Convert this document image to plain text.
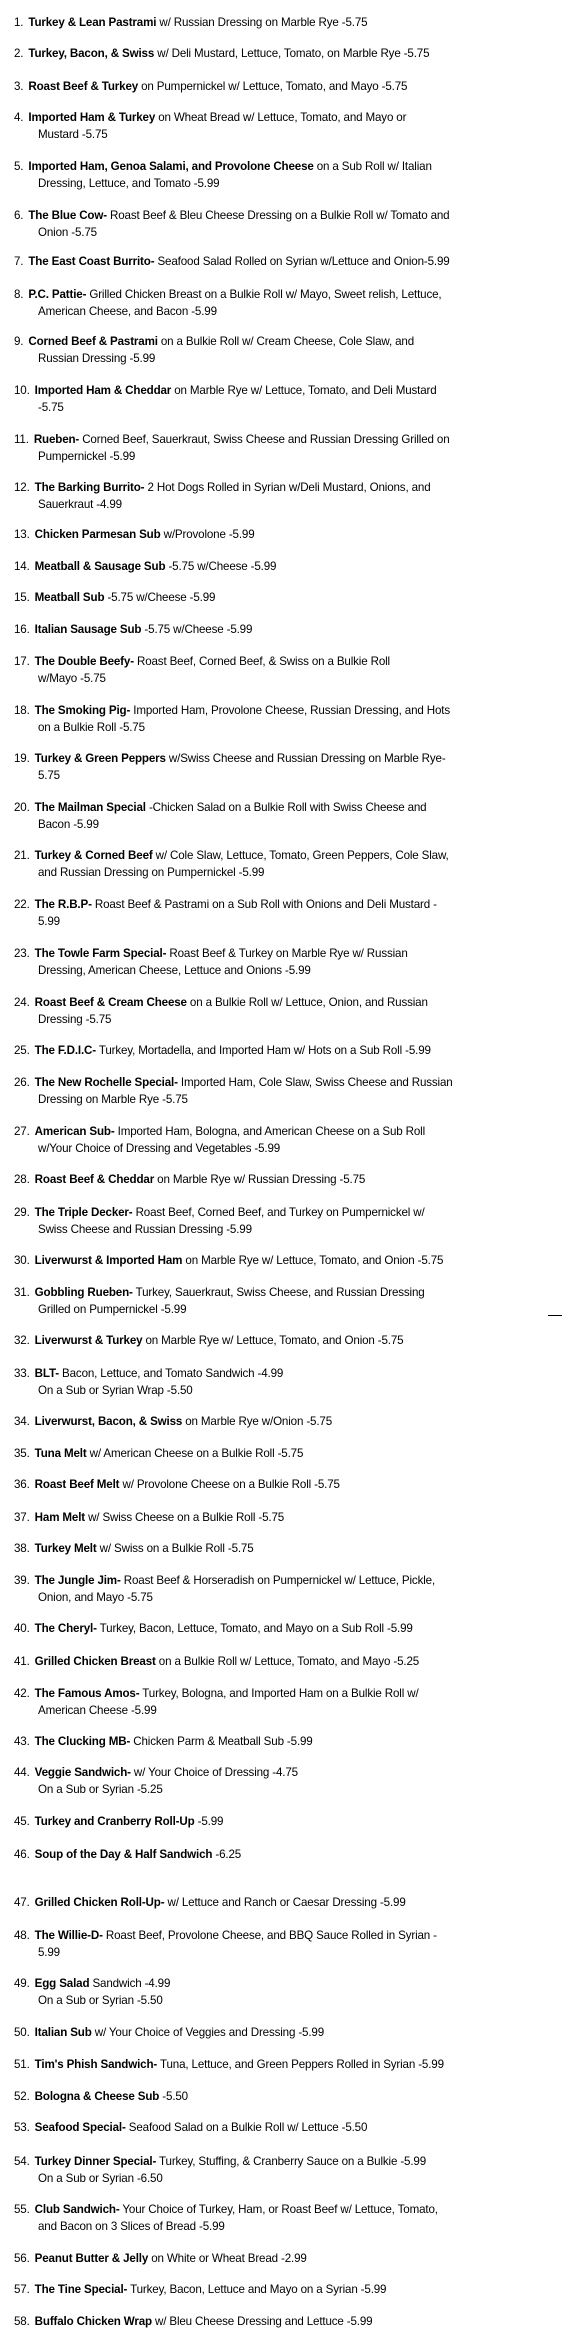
1. Turkey & Lean Pastrami w/ Russian Dressing on Marble Rye -5.75
2. Turkey, Bacon, & Swiss w/ Deli Mustard, Lettuce, Tomato, on Marble Rye -5.75
3. Roast Beef & Turkey on Pumpernickel w/ Lettuce, Tomato, and Mayo -5.75
4. Imported Ham & Turkey on Wheat Bread w/ Lettuce, Tomato, and Mayo or
Mustard -5.75
5. Imported Ham, Genoa Salami, and Provolone Cheese on a Sub Roll w/ Italian
Dressing, Lettuce, and Tomato -5.99
6. The Blue Cow- Roast Beef & Bleu Cheese Dressing on a Bulkie Roll w/ Tomato and
Onion -5.75
7. The East Coast Burrito- Seafood Salad Rolled on Syrian w/Lettuce and Onion-5.99
8. P.C. Pattie- Grilled Chicken Breast on a Bulkie Roll w/ Mayo, Sweet relish, Lettuce,
American Cheese, and Bacon -5.99
9. Corned Beef & Pastrami on a Bulkie Roll w/ Cream Cheese, Cole Slaw, and
Russian Dressing -5.99
10. Imported Ham & Cheddar on Marble Rye w/ Lettuce, Tomato, and Deli Mustard
-5.75
11. Rueben- Corned Beef, Sauerkraut, Swiss Cheese and Russian Dressing Grilled on
Pumpernickel -5.99
12. The Barking Burrito- 2 Hot Dogs Rolled in Syrian w/Deli Mustard, Onions, and
Sauerkraut -4.99
13. Chicken Parmesan Sub w/Provolone -5.99
14. Meatball & Sausage Sub -5.75 w/Cheese -5.99
15. Meatball Sub -5.75 w/Cheese -5.99
16. Italian Sausage Sub -5.75 w/Cheese -5.99
17. The Double Beefy- Roast Beef, Corned Beef, & Swiss on a Bulkie Roll
w/Mayo -5.75
18. The Smoking Pig- Imported Ham, Provolone Cheese, Russian Dressing, and Hots
on a Bulkie Roll -5.75
19. Turkey & Green Peppers w/Swiss Cheese and Russian Dressing on Marble Rye-
5.75
20. The Mailman Special -Chicken Salad on a Bulkie Roll with Swiss Cheese and
Bacon -5.99
21. Turkey & Corned Beef w/ Cole Slaw, Lettuce, Tomato, Green Peppers, Cole Slaw,
and Russian Dressing on Pumpernickel -5.99
22. The R.B.P- Roast Beef & Pastrami on a Sub Roll with Onions and Deli Mustard -
5.99
23. The Towle Farm Special- Roast Beef & Turkey on Marble Rye w/ Russian
Dressing, American Cheese, Lettuce and Onions -5.99
24. Roast Beef & Cream Cheese on a Bulkie Roll w/ Lettuce, Onion, and Russian
Dressing -5.75
25. The F.D.I.C- Turkey, Mortadella, and Imported Ham w/ Hots on a Sub Roll -5.99
26. The New Rochelle Special- Imported Ham, Cole Slaw, Swiss Cheese and Russian
Dressing on Marble Rye -5.75
27. American Sub- Imported Ham, Bologna, and American Cheese on a Sub Roll
w/Your Choice of Dressing and Vegetables -5.99
28. Roast Beef & Cheddar on Marble Rye w/ Russian Dressing -5.75
29. The Triple Decker- Roast Beef, Corned Beef, and Turkey on Pumpernickel w/
Swiss Cheese and Russian Dressing -5.99
30. Liverwurst & Imported Ham on Marble Rye w/ Lettuce, Tomato, and Onion -5.75
31. Gobbling Rueben- Turkey, Sauerkraut, Swiss Cheese, and Russian Dressing
Grilled on Pumpernickel -5.99
32. Liverwurst & Turkey on Marble Rye w/ Lettuce, Tomato, and Onion -5.75
33. BLT- Bacon, Lettuce, and Tomato Sandwich -4.99
On a Sub or Syrian Wrap -5.50
34. Liverwurst, Bacon, & Swiss on Marble Rye w/Onion -5.75
35. Tuna Melt w/ American Cheese on a Bulkie Roll -5.75
36. Roast Beef Melt w/ Provolone Cheese on a Bulkie Roll -5.75
37. Ham Melt w/ Swiss Cheese on a Bulkie Roll -5.75
38. Turkey Melt w/ Swiss on a Bulkie Roll -5.75
39. The Jungle Jim- Roast Beef & Horseradish on Pumpernickel w/ Lettuce, Pickle,
Onion, and Mayo -5.75
40. The Cheryl- Turkey, Bacon, Lettuce, Tomato, and Mayo on a Sub Roll -5.99
41. Grilled Chicken Breast on a Bulkie Roll w/ Lettuce, Tomato, and Mayo -5.25
42. The Famous Amos- Turkey, Bologna, and Imported Ham on a Bulkie Roll w/
American Cheese -5.99
43. The Clucking MB- Chicken Parm & Meatball Sub -5.99
44. Veggie Sandwich- w/ Your Choice of Dressing -4.75
On a Sub or Syrian -5.25
45. Turkey and Cranberry Roll-Up -5.99
46. Soup of the Day & Half Sandwich -6.25
47. Grilled Chicken Roll-Up- w/ Lettuce and Ranch or Caesar Dressing -5.99
48. The Willie-D- Roast Beef, Provolone Cheese, and BBQ Sauce Rolled in Syrian -
5.99
49. Egg Salad Sandwich -4.99
On a Sub or Syrian -5.50
50. Italian Sub w/ Your Choice of Veggies and Dressing -5.99
51. Tim's Phish Sandwich- Tuna, Lettuce, and Green Peppers Rolled in Syrian -5.99
52. Bologna & Cheese Sub -5.50
53. Seafood Special- Seafood Salad on a Bulkie Roll w/ Lettuce -5.50
54. Turkey Dinner Special- Turkey, Stuffing, & Cranberry Sauce on a Bulkie -5.99
On a Sub or Syrian -6.50
55. Club Sandwich- Your Choice of Turkey, Ham, or Roast Beef w/ Lettuce, Tomato,
and Bacon on 3 Slices of Bread -5.99
56. Peanut Butter & Jelly on White or Wheat Bread -2.99
57. The Tine Special- Turkey, Bacon, Lettuce and Mayo on a Syrian -5.99
58. Buffalo Chicken Wrap w/ Bleu Cheese Dressing and Lettuce -5.99
